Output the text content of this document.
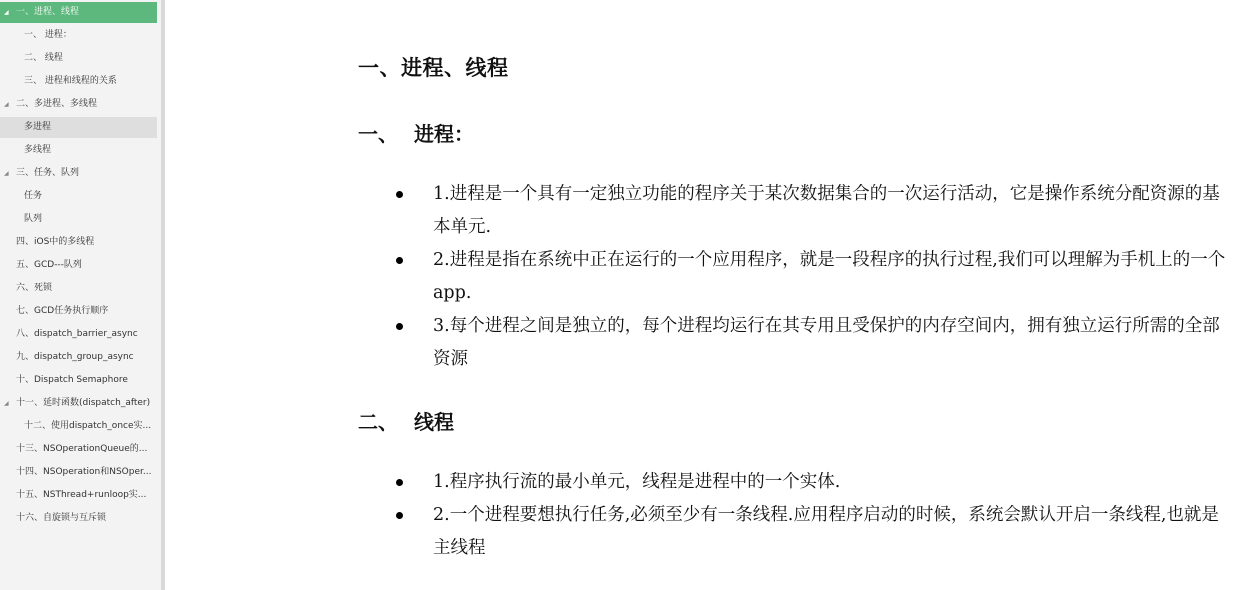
◢ 一、进程、线程
一、 进程：
二、 线程
三、 进程和线程的关系
◢ 二、多进程、多线程
多进程
多线程
◢ 三、任务、队列
任务
队列
四、iOS中的多线程
五、GCD---队列
六、死锁
七、GCD任务执行顺序
八、dispatch_barrier_async
九、dispatch_group_async
十、Dispatch Semaphore
◢ 十一、延时函数(dispatch_after)
十二、使用dispatch_once实...
十三、NSOperationQueue的...
十四、NSOperation和NSOper...
十五、NSThread+runloop实...
十六、自旋锁与互斥锁
一、进程、线程
一、 进程：
1.进程是一个具有一定独立功能的程序关于某次数据集合的一次运行活动，它是操作系统分配资源的基本单元.
2.进程是指在系统中正在运行的一个应用程序，就是一段程序的执行过程,我们可以理解为手机上的一个 app.
3.每个进程之间是独立的，每个进程均运行在其专用且受保护的内存空间内，拥有独立运行所需的全部资源
二、 线程
1.程序执行流的最小单元，线程是进程中的一个实体.
2.一个进程要想执行任务,必须至少有一条线程.应用程序启动的时候，系统会默认开启一条线程,也就是主线程
